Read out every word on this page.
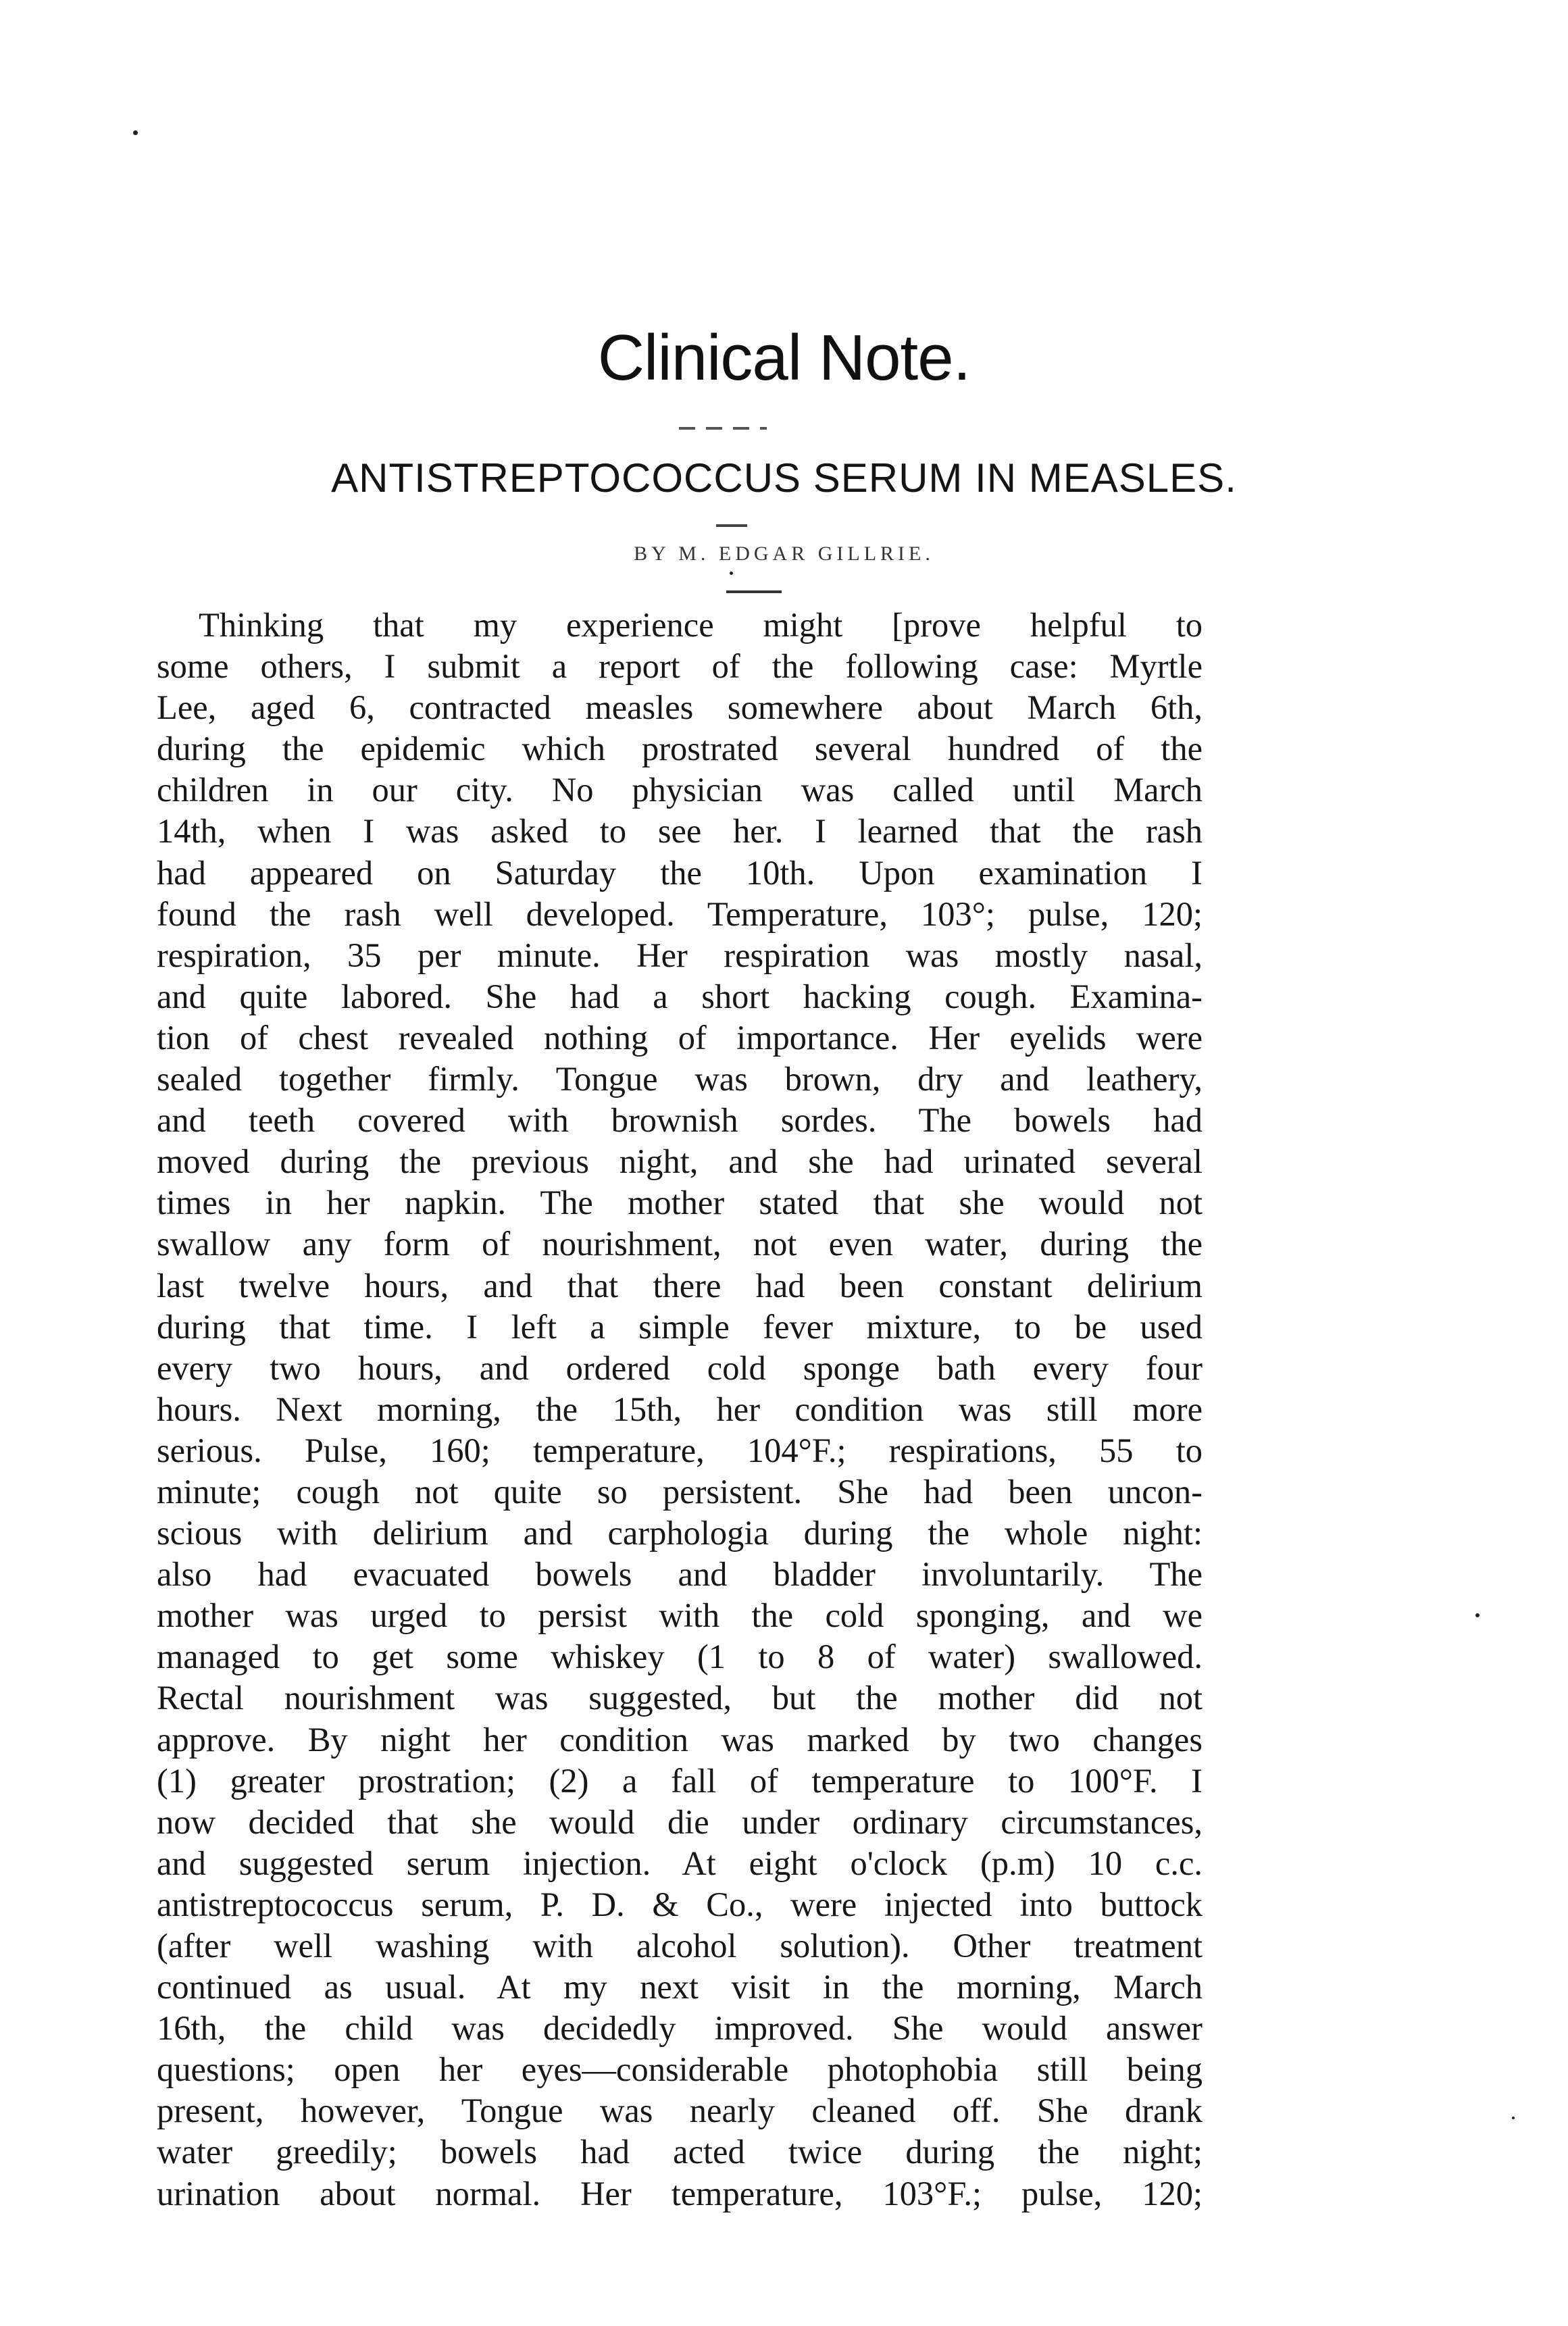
Clinical Note.
ANTISTREPTOCOCCUS SERUM IN MEASLES.
BY M. EDGAR GILLRIE.
Thinking that my experience might [prove helpful to
some others, I submit a report of the following case: Myrtle
Lee, aged 6, contracted measles somewhere about March 6th,
during the epidemic which prostrated several hundred of the
children in our city. No physician was called until March
14th, when I was asked to see her. I learned that the rash
had appeared on Saturday the 10th. Upon examination I
found the rash well developed. Temperature, 103°; pulse, 120;
respiration, 35 per minute. Her respiration was mostly nasal,
and quite labored. She had a short hacking cough. Examina-
tion of chest revealed nothing of importance. Her eyelids were
sealed together firmly. Tongue was brown, dry and leathery,
and teeth covered with brownish sordes. The bowels had
moved during the previous night, and she had urinated several
times in her napkin. The mother stated that she would not
swallow any form of nourishment, not even water, during the
last twelve hours, and that there had been constant delirium
during that time. I left a simple fever mixture, to be used
every two hours, and ordered cold sponge bath every four
hours. Next morning, the 15th, her condition was still more
serious. Pulse, 160; temperature, 104°F.; respirations, 55 to
minute; cough not quite so persistent. She had been uncon-
scious with delirium and carphologia during the whole night:
also had evacuated bowels and bladder involuntarily. The
mother was urged to persist with the cold sponging, and we
managed to get some whiskey (1 to 8 of water) swallowed.
Rectal nourishment was suggested, but the mother did not
approve. By night her condition was marked by two changes
(1) greater prostration; (2) a fall of temperature to 100°F. I
now decided that she would die under ordinary circumstances,
and suggested serum injection. At eight o'clock (p.m) 10 c.c.
antistreptococcus serum, P. D. & Co., were injected into buttock
(after well washing with alcohol solution). Other treatment
continued as usual. At my next visit in the morning, March
16th, the child was decidedly improved. She would answer
questions; open her eyes—considerable photophobia still being
present, however, Tongue was nearly cleaned off. She drank
water greedily; bowels had acted twice during the night;
urination about normal. Her temperature, 103°F.; pulse, 120;
